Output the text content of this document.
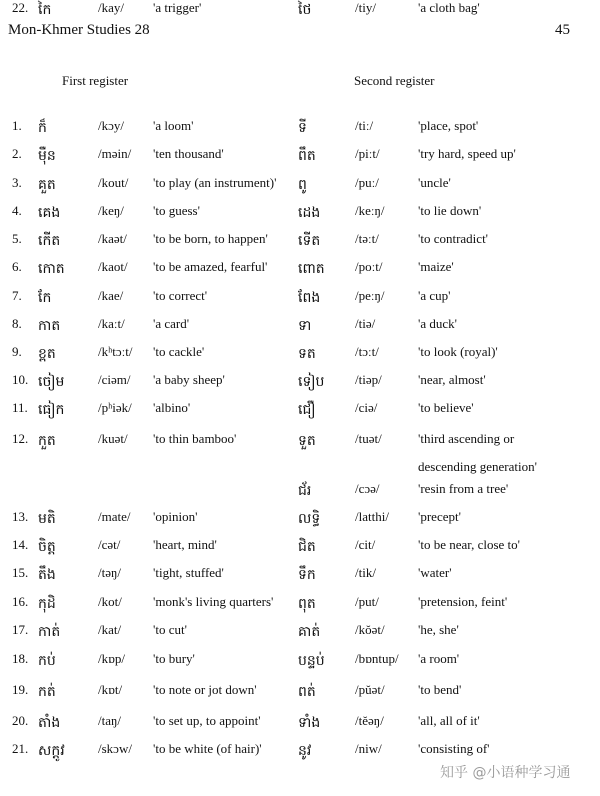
Mon-Khmer Studies 28	45
First register	Second register
1. ក៏	/kɔy/ 'a loom'	ទី	/tiː/	'place, spot'
2. ម៉ឺន	/məin/ 'ten thousand'	ពឹត	/piːt/	'try hard, speed up'
3. គួត	/kout/ 'to play (an instrument)' ពូ	/puː/	'uncle'
4. គេង	/keŋ/ 'to guess'	ដេង	/keːŋ/	'to lie down'
5. កើត	/kaət/ 'to be born, to happen' ទើត	/təːt/	'to contradict'
6. កោត	/kaot/ 'to be amazed, fearful' ពោត /poːt/	'maize'
7. កែ	/kae/ 'to correct'	ពែង	/peːŋ/	'a cup'
8. កាត	/kaːt/ 'a card'	ទា	/tiə/	'a duck'
9. ខ្ពត	/kʰtɔːt/ 'to cackle'	ទត	/tɔːt/	'to look (royal)'
10. ចៀម	/ciəm/ 'a baby sheep'	ទៀប /tiəp/	'near, almost'
11. ធៀក	/pʰiək/ 'albino'	ជឿ	/ciə/	'to believe'
12. កួត	/kuət/ 'to thin bamboo'	ទួត	/tuət/	'third ascending or
descending generation'
ជ័រ	/cɔə/	'resin from a tree'
13. មតិ	/mate/ 'opinion'	លទ្ធិ	/latthi/ 'precept'
14. ចិត្ត	/cət/	'heart, mind'	ជិត	/cit/	'to be near, close to'
15. តឹង	/təŋ/ 'tight, stuffed'	ទឹក	/tik/	'water'
16. កុដិ	/kot/ 'monk's living quarters' ពុត	/put/	'pretension, feint'
17. កាត់	/kat/ 'to cut'	គាត់	/kŏət/	'he, she'
18. កប់	/kɒp/ 'to bury'	បន្ទប់ /bɒntup/ 'a room'
19. កត់	/kɒt/ 'to note or jot down'	ពត់	/pŭət/	'to bend'
20. តាំង	/taŋ/ 'to set up, to appoint'	ទាំង	/tĕəŋ/	'all, all of it'
21. សក្ដូវ	/skɔw/ 'to be white (of hair)'	នូវ	/niw/	'consisting of'
22. កៃ	/kay/ 'a trigger'	ថៃ	/tiy/	'a cloth bag'
知乎 @小语种学习通
